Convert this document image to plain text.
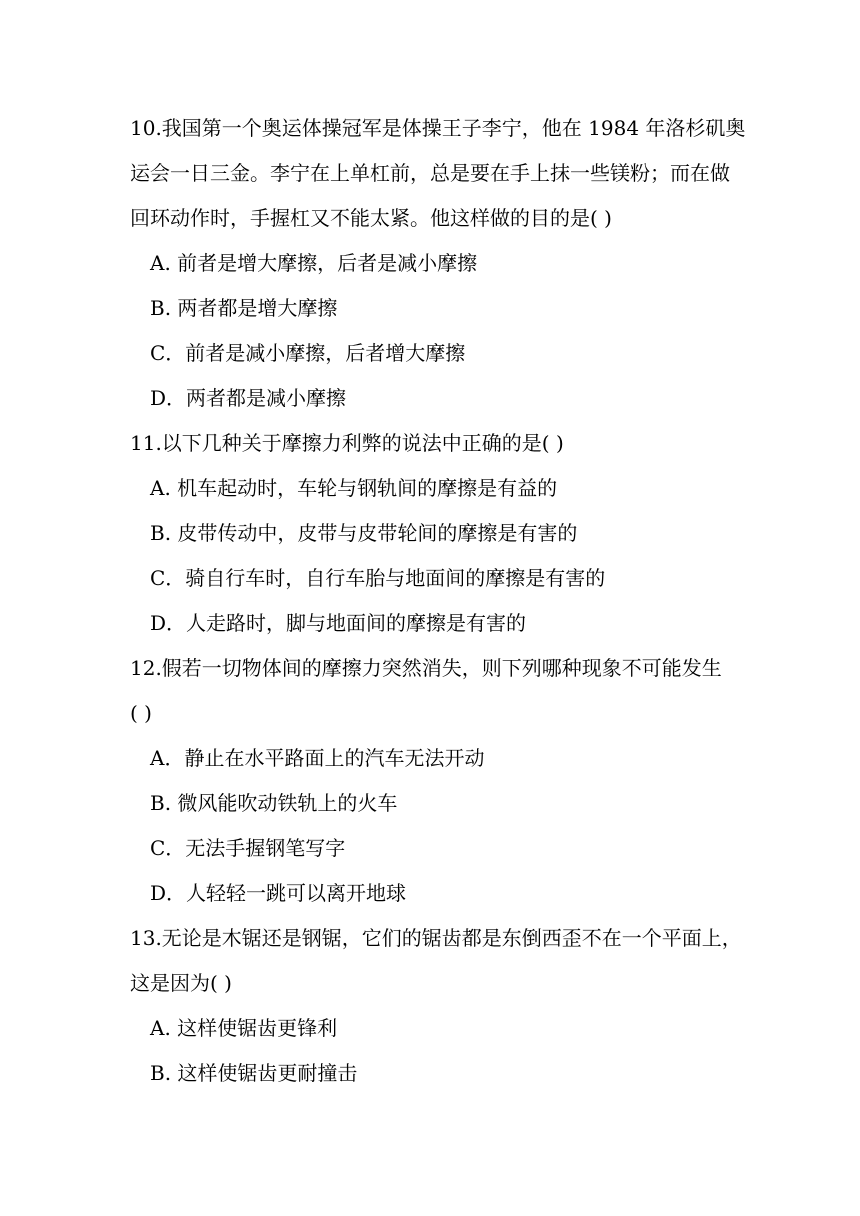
10.我国第一个奥运体操冠军是体操王子李宁，他在 1984 年洛杉矶奥
运会一日三金。李宁在上单杠前，总是要在手上抹一些镁粉；而在做
回环动作时，手握杠又不能太紧。他这样做的目的是( )
A. 前者是增大摩擦，后者是减小摩擦
B. 两者都是增大摩擦
C．前者是减小摩擦，后者增大摩擦
D．两者都是减小摩擦
11.以下几种关于摩擦力利弊的说法中正确的是( )
A. 机车起动时，车轮与钢轨间的摩擦是有益的
B. 皮带传动中，皮带与皮带轮间的摩擦是有害的
C．骑自行车时，自行车胎与地面间的摩擦是有害的
D．人走路时，脚与地面间的摩擦是有害的
12.假若一切物体间的摩擦力突然消失，则下列哪种现象不可能发生
( )
A．静止在水平路面上的汽车无法开动
B. 微风能吹动铁轨上的火车
C．无法手握钢笔写字
D．人轻轻一跳可以离开地球
13.无论是木锯还是钢锯，它们的锯齿都是东倒西歪不在一个平面上，
这是因为( )
A. 这样使锯齿更锋利
B. 这样使锯齿更耐撞击
